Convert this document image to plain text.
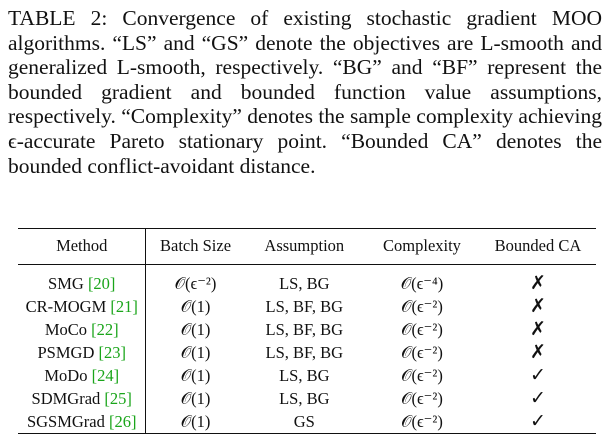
TABLE 2: Convergence of existing stochastic gradient MOO algorithms. “LS” and “GS” denote the objectives are L-smooth and generalized L-smooth, respectively. “BG” and “BF” represent the bounded gradient and bounded function value assumptions, respectively. “Complexity” denotes the sample complexity achieving ϵ-accurate Pareto stationary point. “Bounded CA” denotes the bounded conflict-avoidant distance.

Method	Batch Size	Assumption	Complexity	Bounded CA
SMG [20]	𝒪(ϵ⁻²)	LS, BG	𝒪(ϵ⁻⁴)	✗
CR-MOGM [21]	𝒪(1)	LS, BF, BG	𝒪(ϵ⁻²)	✗
MoCo [22]	𝒪(1)	LS, BF, BG	𝒪(ϵ⁻²)	✗
PSMGD [23]	𝒪(1)	LS, BF, BG	𝒪(ϵ⁻²)	✗
MoDo [24]	𝒪(1)	LS, BG	𝒪(ϵ⁻²)	✓
SDMGrad [25]	𝒪(1)	LS, BG	𝒪(ϵ⁻²)	✓
SGSMGrad [26]	𝒪(1)	GS	𝒪(ϵ⁻²)	✓
